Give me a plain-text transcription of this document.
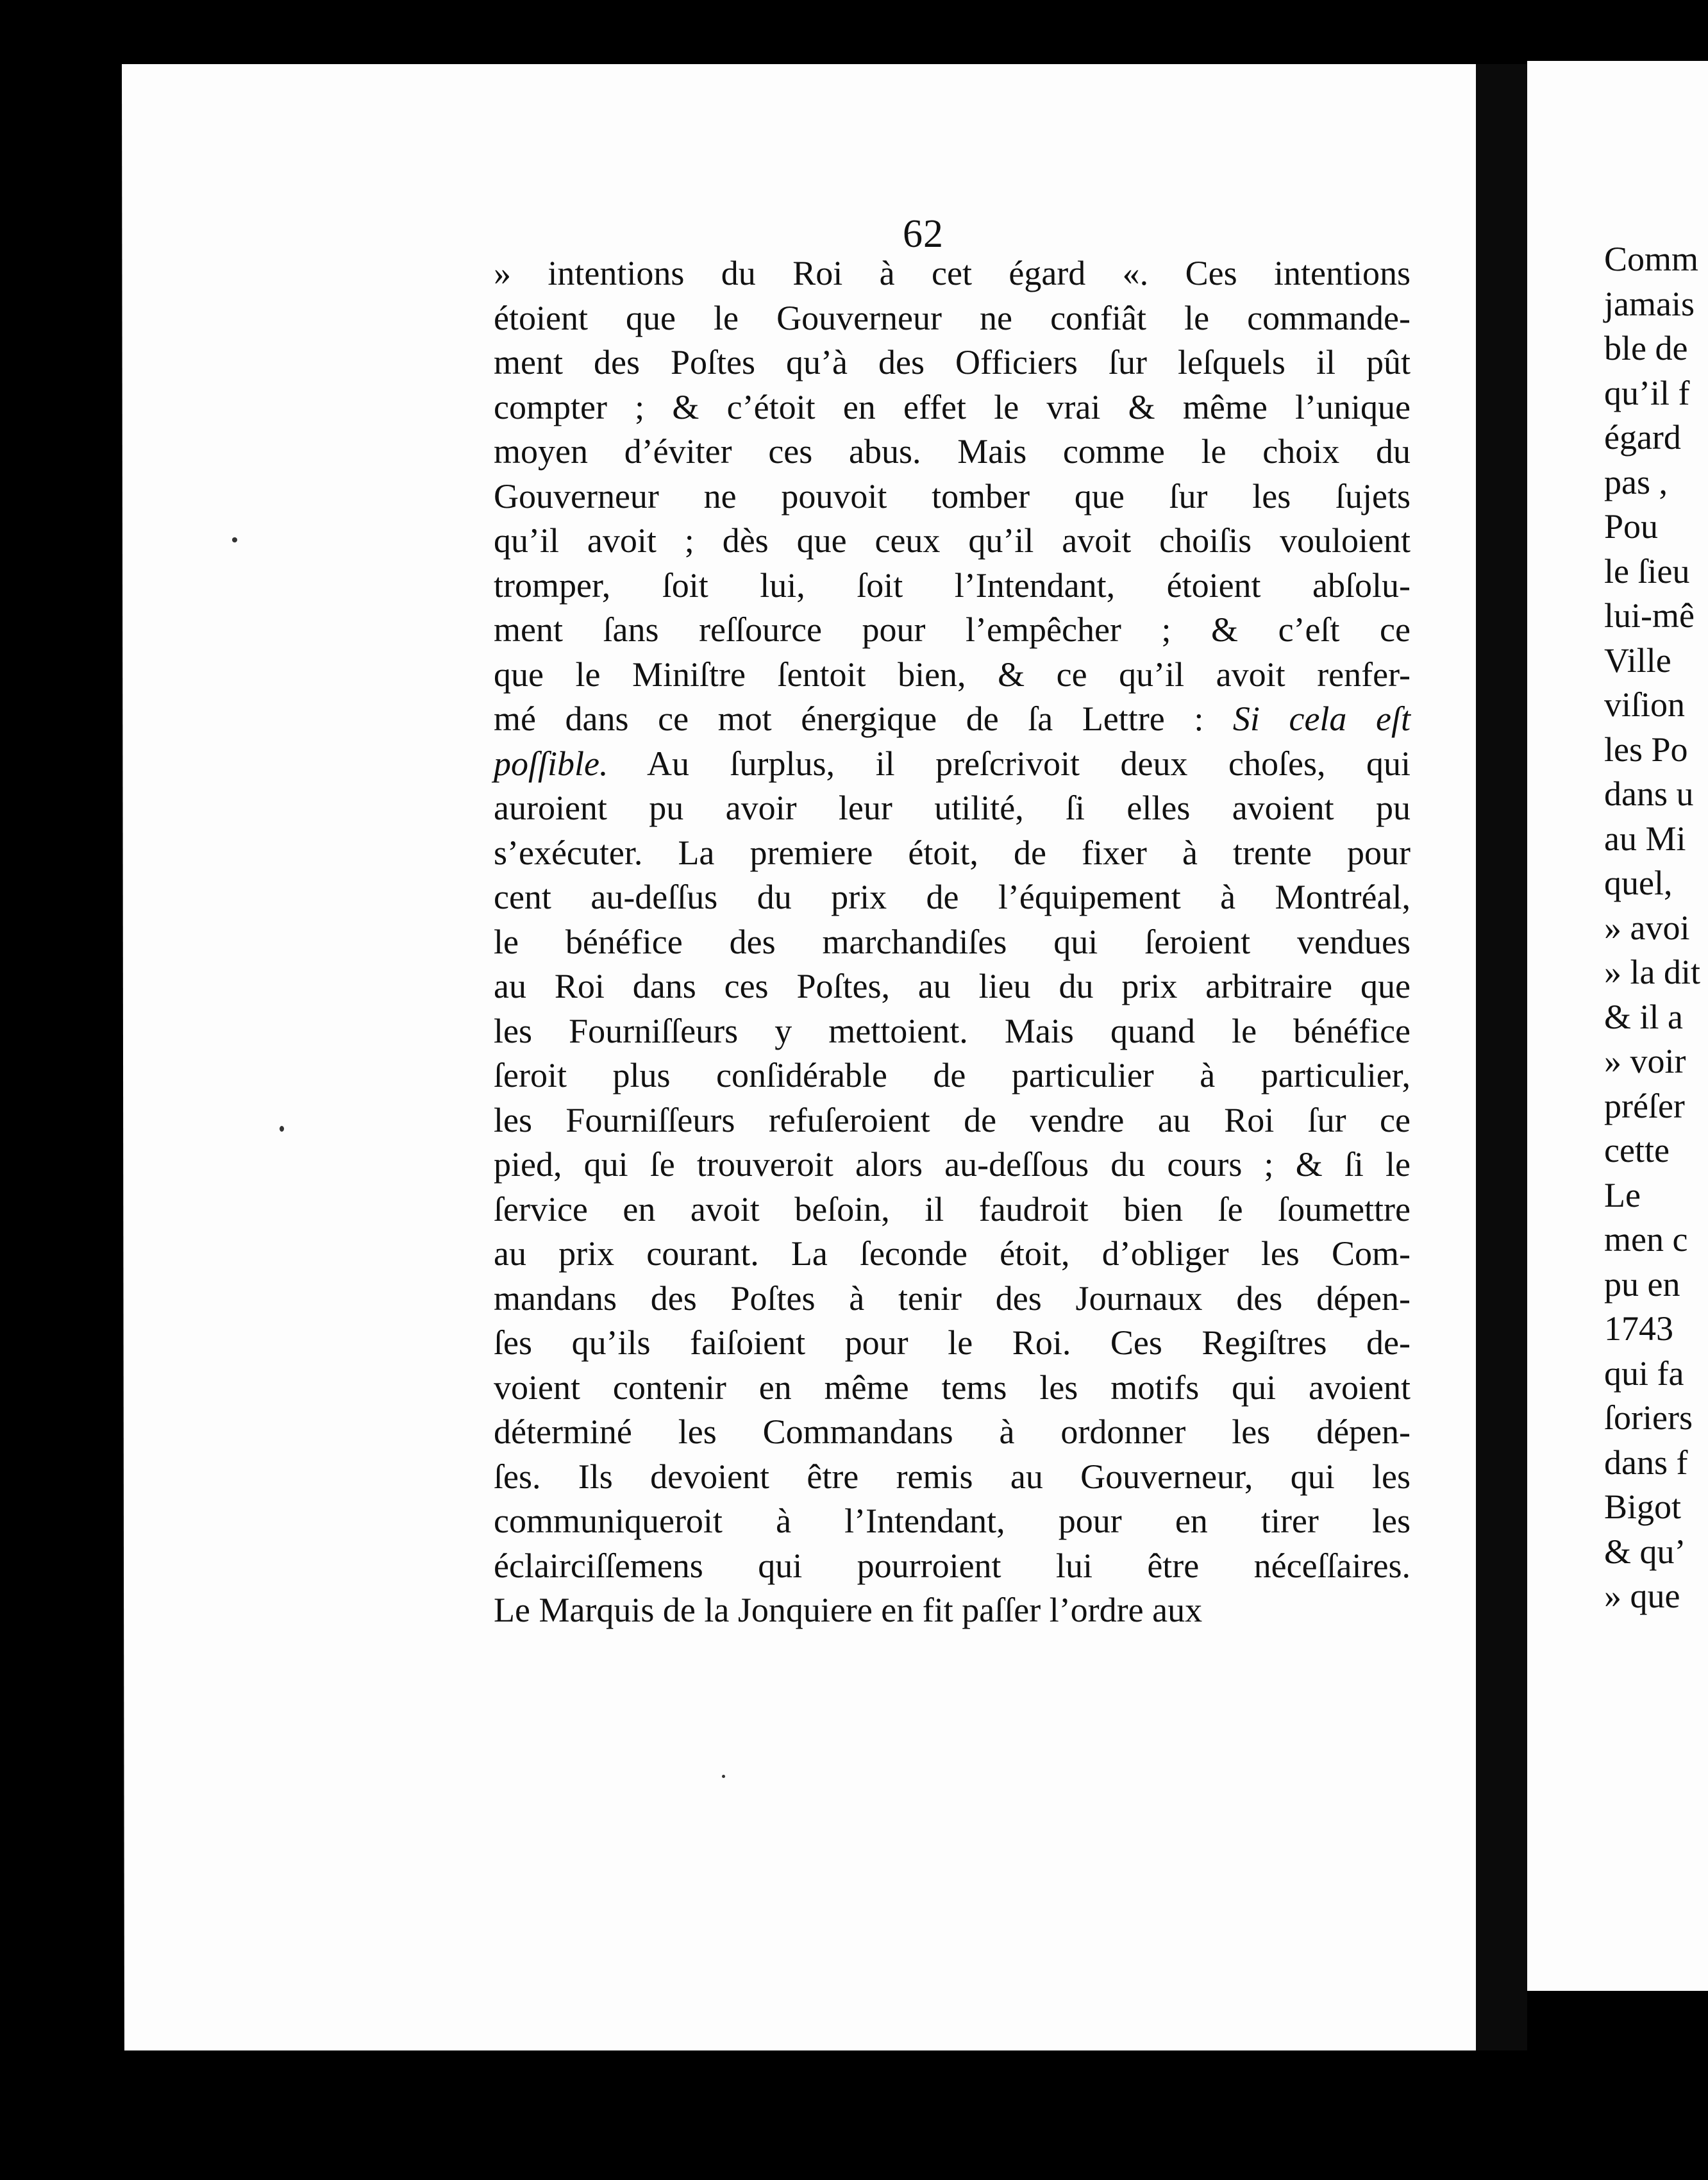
62
» intentions du Roi à cet égard «. Ces intentions
étoient que le Gouverneur ne confiât le commande-
ment des Poſtes qu’à des Officiers ſur leſquels il pût
compter ; & c’étoit en effet le vrai & même l’unique
moyen d’éviter ces abus. Mais comme le choix du
Gouverneur ne pouvoit tomber que ſur les ſujets
qu’il avoit ; dès que ceux qu’il avoit choiſis vouloient
tromper, ſoit lui, ſoit l’Intendant, étoient abſolu-
ment ſans reſſource pour l’empêcher ; & c’eſt ce
que le Miniſtre ſentoit bien, & ce qu’il avoit renfer-
mé dans ce mot énergique de ſa Lettre : Si cela eſt
poſſible. Au ſurplus, il preſcrivoit deux choſes, qui
auroient pu avoir leur utilité, ſi elles avoient pu
s’exécuter. La premiere étoit, de fixer à trente pour
cent au-deſſus du prix de l’équipement à Montréal,
le bénéfice des marchandiſes qui ſeroient vendues
au Roi dans ces Poſtes, au lieu du prix arbitraire que
les Fourniſſeurs y mettoient. Mais quand le bénéfice
ſeroit plus conſidérable de particulier à particulier,
les Fourniſſeurs refuſeroient de vendre au Roi ſur ce
pied, qui ſe trouveroit alors au-deſſous du cours ; & ſi le
ſervice en avoit beſoin, il faudroit bien ſe ſoumettre
au prix courant. La ſeconde étoit, d’obliger les Com-
mandans des Poſtes à tenir des Journaux des dépen-
ſes qu’ils faiſoient pour le Roi. Ces Regiſtres de-
voient contenir en même tems les motifs qui avoient
déterminé les Commandans à ordonner les dépen-
ſes. Ils devoient être remis au Gouverneur, qui les
communiqueroit à l’Intendant, pour en tirer les
éclairciſſemens qui pourroient lui être néceſſaires.
Le Marquis de la Jonquiere en fit paſſer l’ordre aux
Comm
jamais
ble de
qu’il f
égard
pas ,
Pou
le ſieu
lui-mê
Ville
viſion
les Po
dans u
au Mi
quel,
» avoi
» la dit
& il a
» voir
préſer
cette
Le
men c
pu en
1743
qui fa
ſoriers
dans f
Bigot
& qu’
» que
